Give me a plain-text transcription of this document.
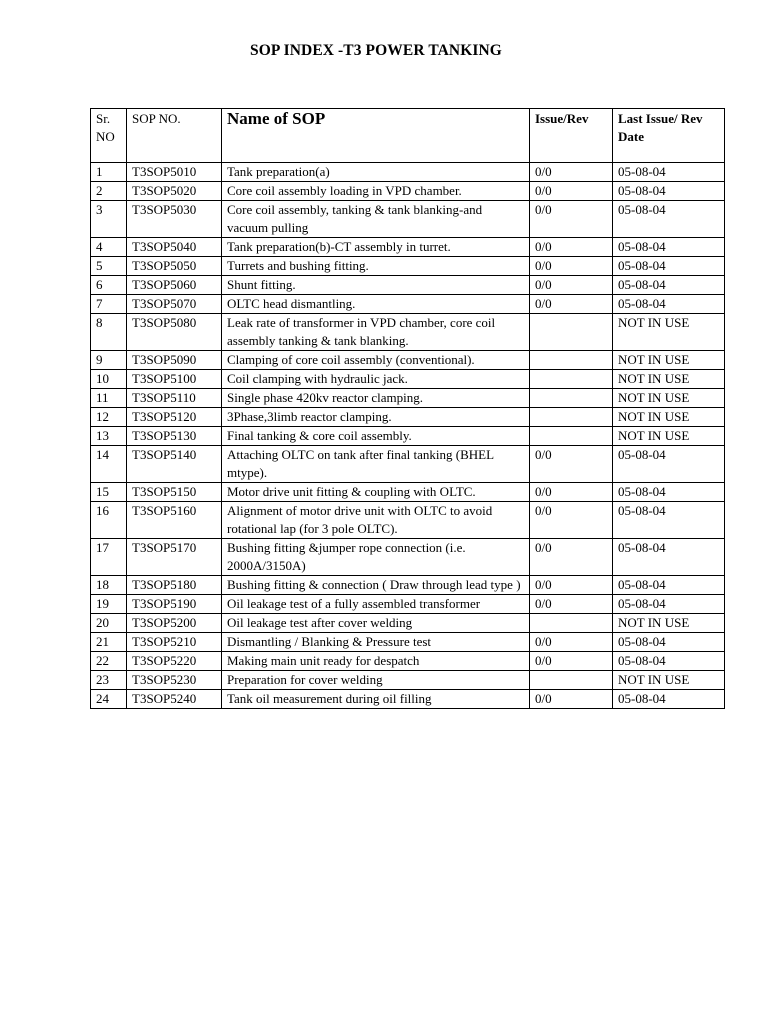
SOP INDEX -T3 POWER TANKING
Sr. NO	SOP NO.	Name of SOP	Issue/Rev	Last Issue/ Rev Date
1	T3SOP5010	Tank preparation(a)	0/0	05-08-04
2	T3SOP5020	Core coil assembly loading in VPD chamber.	0/0	05-08-04
3	T3SOP5030	Core coil assembly, tanking & tank blanking-and vacuum pulling	0/0	05-08-04
4	T3SOP5040	Tank preparation(b)-CT assembly in turret.	0/0	05-08-04
5	T3SOP5050	Turrets and bushing fitting.	0/0	05-08-04
6	T3SOP5060	Shunt fitting.	0/0	05-08-04
7	T3SOP5070	OLTC head dismantling.	0/0	05-08-04
8	T3SOP5080	Leak rate of transformer in VPD chamber, core coil assembly tanking & tank blanking.		NOT IN USE
9	T3SOP5090	Clamping of core coil assembly (conventional).		NOT IN USE
10	T3SOP5100	Coil clamping with hydraulic jack.		NOT IN USE
11	T3SOP5110	Single phase 420kv reactor clamping.		NOT IN USE
12	T3SOP5120	3Phase,3limb reactor clamping.		NOT IN USE
13	T3SOP5130	Final tanking & core coil assembly.		NOT IN USE
14	T3SOP5140	Attaching OLTC on tank after final tanking (BHEL mtype).	0/0	05-08-04
15	T3SOP5150	Motor drive unit fitting & coupling with OLTC.	0/0	05-08-04
16	T3SOP5160	Alignment of motor drive unit with OLTC to avoid rotational lap (for 3 pole OLTC).	0/0	05-08-04
17	T3SOP5170	Bushing fitting &jumper rope connection (i.e. 2000A/3150A)	0/0	05-08-04
18	T3SOP5180	Bushing fitting & connection ( Draw through lead type )	0/0	05-08-04
19	T3SOP5190	Oil leakage test of a fully assembled transformer	0/0	05-08-04
20	T3SOP5200	Oil leakage test after cover welding		NOT IN USE
21	T3SOP5210	Dismantling / Blanking & Pressure test	0/0	05-08-04
22	T3SOP5220	Making main unit ready for despatch	0/0	05-08-04
23	T3SOP5230	Preparation for cover welding		NOT IN USE
24	T3SOP5240	Tank oil measurement during oil filling	0/0	05-08-04
